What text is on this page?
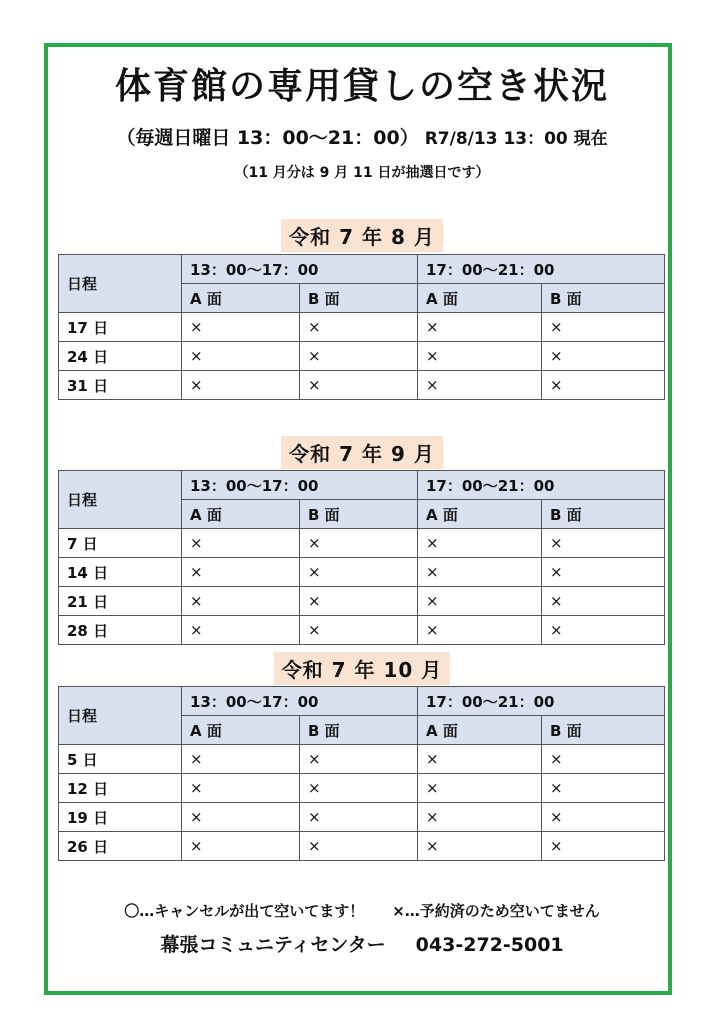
体育館の専用貸しの空き状況
（毎週日曜日 13：00〜21：00） R7/8/13 13：00 現在
（11 月分は 9 月 11 日が抽選日です）
令和 7 年 8 月
日程	13：00〜17：00		17：00〜21：00	
	A 面	B 面	A 面	B 面
17 日	×	×	×	×
24 日	×	×	×	×
31 日	×	×	×	×
令和 7 年 9 月
日程	13：00〜17：00		17：00〜21：00	
	A 面	B 面	A 面	B 面
7 日	×	×	×	×
14 日	×	×	×	×
21 日	×	×	×	×
28 日	×	×	×	×
令和 7 年 10 月
日程	13：00〜17：00		17：00〜21：00	
	A 面	B 面	A 面	B 面
5 日	×	×	×	×
12 日	×	×	×	×
19 日	×	×	×	×
26 日	×	×	×	×
〇…キャンセルが出て空いてます！ ×…予約済のため空いてません
幕張コミュニティセンター 043-272-5001
